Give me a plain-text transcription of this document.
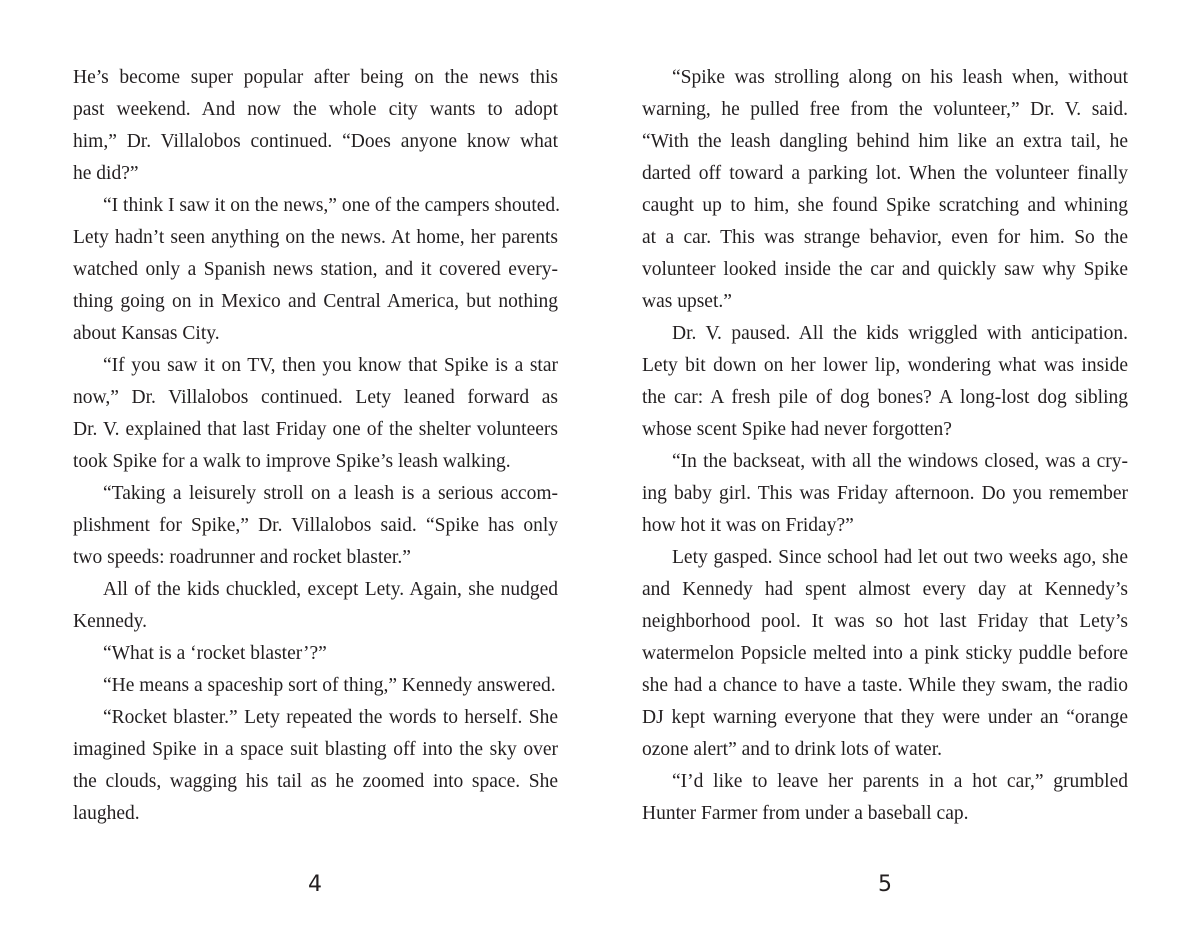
He’s become super popular after being on the news this
past weekend. And now the whole city wants to adopt
him,” Dr. Villalobos continued. “Does anyone know what
he did?”
“I think I saw it on the news,” one of the campers shouted.
Lety hadn’t seen anything on the news. At home, her parents
watched only a Spanish news station, and it covered every-
thing going on in Mexico and Central America, but nothing
about Kansas City.
“If you saw it on TV, then you know that Spike is a star
now,” Dr. Villalobos continued. Lety leaned forward as
Dr. V. explained that last Friday one of the shelter volunteers
took Spike for a walk to improve Spike’s leash walking.
“Taking a leisurely stroll on a leash is a serious accom-
plishment for Spike,” Dr. Villalobos said. “Spike has only
two speeds: roadrunner and rocket blaster.”
All of the kids chuckled, except Lety. Again, she nudged
Kennedy.
“What is a ‘rocket blaster’?”
“He means a spaceship sort of thing,” Kennedy answered.
“Rocket blaster.” Lety repeated the words to herself. She
imagined Spike in a space suit blasting off into the sky over
the clouds, wagging his tail as he zoomed into space. She
laughed.
“Spike was strolling along on his leash when, without
warning, he pulled free from the volunteer,” Dr. V. said.
“With the leash dangling behind him like an extra tail, he
darted off toward a parking lot. When the volunteer finally
caught up to him, she found Spike scratching and whining
at a car. This was strange behavior, even for him. So the
volunteer looked inside the car and quickly saw why Spike
was upset.”
Dr. V. paused. All the kids wriggled with anticipation.
Lety bit down on her lower lip, wondering what was inside
the car: A fresh pile of dog bones? A long-lost dog sibling
whose scent Spike had never forgotten?
“In the backseat, with all the windows closed, was a cry-
ing baby girl. This was Friday afternoon. Do you remember
how hot it was on Friday?”
Lety gasped. Since school had let out two weeks ago, she
and Kennedy had spent almost every day at Kennedy’s
neighborhood pool. It was so hot last Friday that Lety’s
watermelon Popsicle melted into a pink sticky puddle before
she had a chance to have a taste. While they swam, the radio
DJ kept warning everyone that they were under an “orange
ozone alert” and to drink lots of water.
“I’d like to leave her parents in a hot car,” grumbled
Hunter Farmer from under a baseball cap.
4	5
